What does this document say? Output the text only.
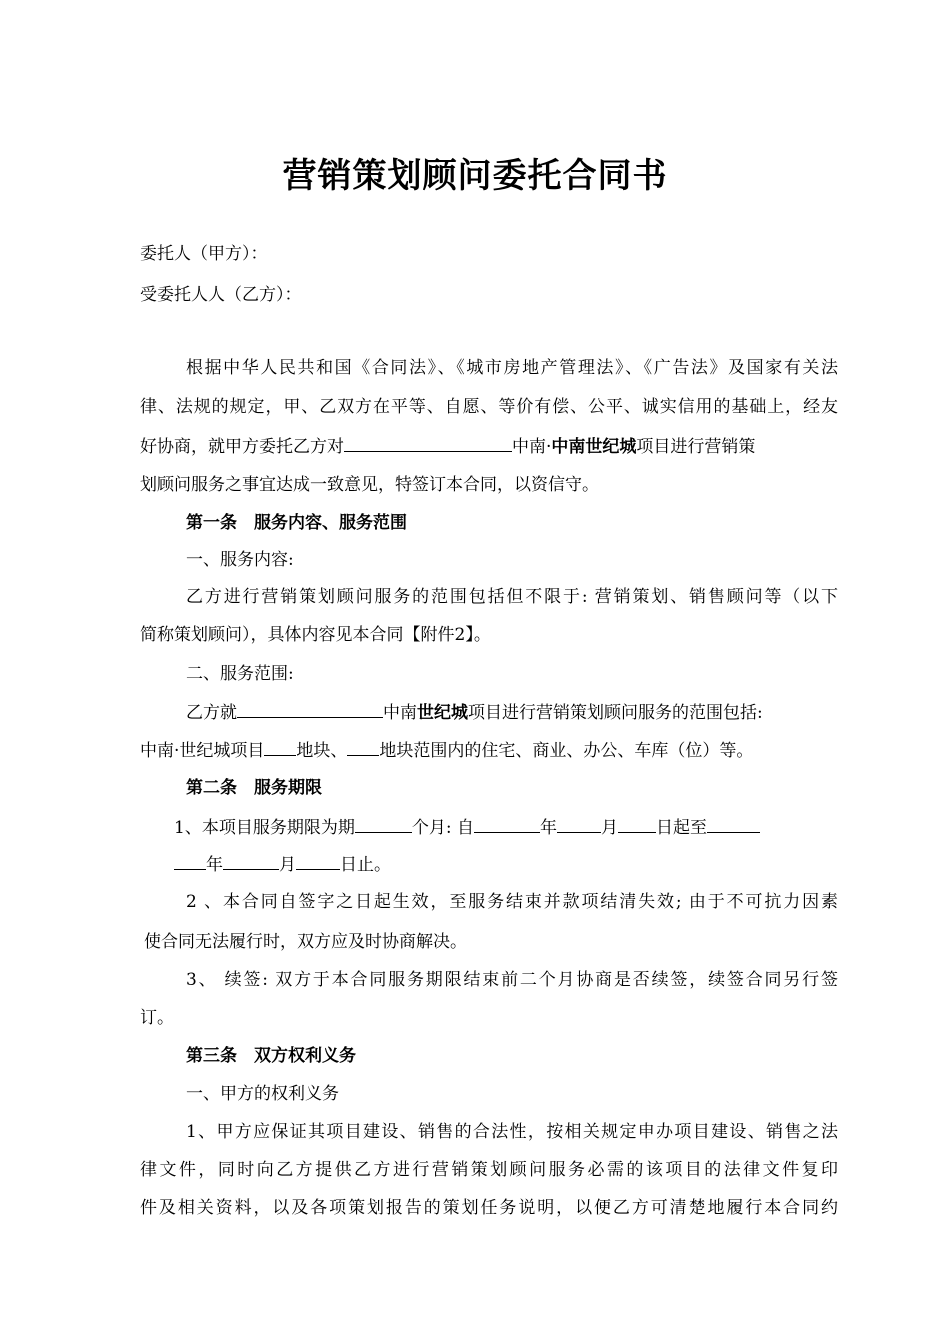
营销策划顾问委托合同书
委托人（甲方）：
受委托人人（乙方）：
根据中华人民共和国《合同法》、《城市房地产管理法》、《广告法》及国家有关法
律、法规的规定，甲、乙双方在平等、自愿、等价有偿、公平、诚实信用的基础上，经友
好协商，就甲方委托乙方对	中南·中南世纪城项目进行营销策
划顾问服务之事宜达成一致意见，特签订本合同，以资信守。
第一条　服务内容、服务范围
一、服务内容:
乙方进行营销策划顾问服务的范围包括但不限于: 营销策划、销售顾问等（以下
简称策划顾问），具体内容见本合同【附件2】。
二、服务范围:
乙方就	中南世纪城项目进行营销策划顾问服务的范围包括:
中南·世纪城项目 地块、 地块范围内的住宅、商业、办公、车库（位）等。
第二条　服务期限
1、本项目服务期限为期	个月: 自	年	月 日起至
年	月	日止。
2 、本合同自签字之日起生效，至服务结束并款项结清失效; 由于不可抗力因素
使合同无法履行时，双方应及时协商解决。
3、 续签: 双方于本合同服务期限结束前二个月协商是否续签，续签合同另行签
订。
第三条　双方权利义务
一、甲方的权利义务
1、甲方应保证其项目建设、销售的合法性，按相关规定申办项目建设、销售之法
律文件，同时向乙方提供乙方进行营销策划顾问服务必需的该项目的法律文件复印
件及相关资料，以及各项策划报告的策划任务说明，以便乙方可清楚地履行本合同约
